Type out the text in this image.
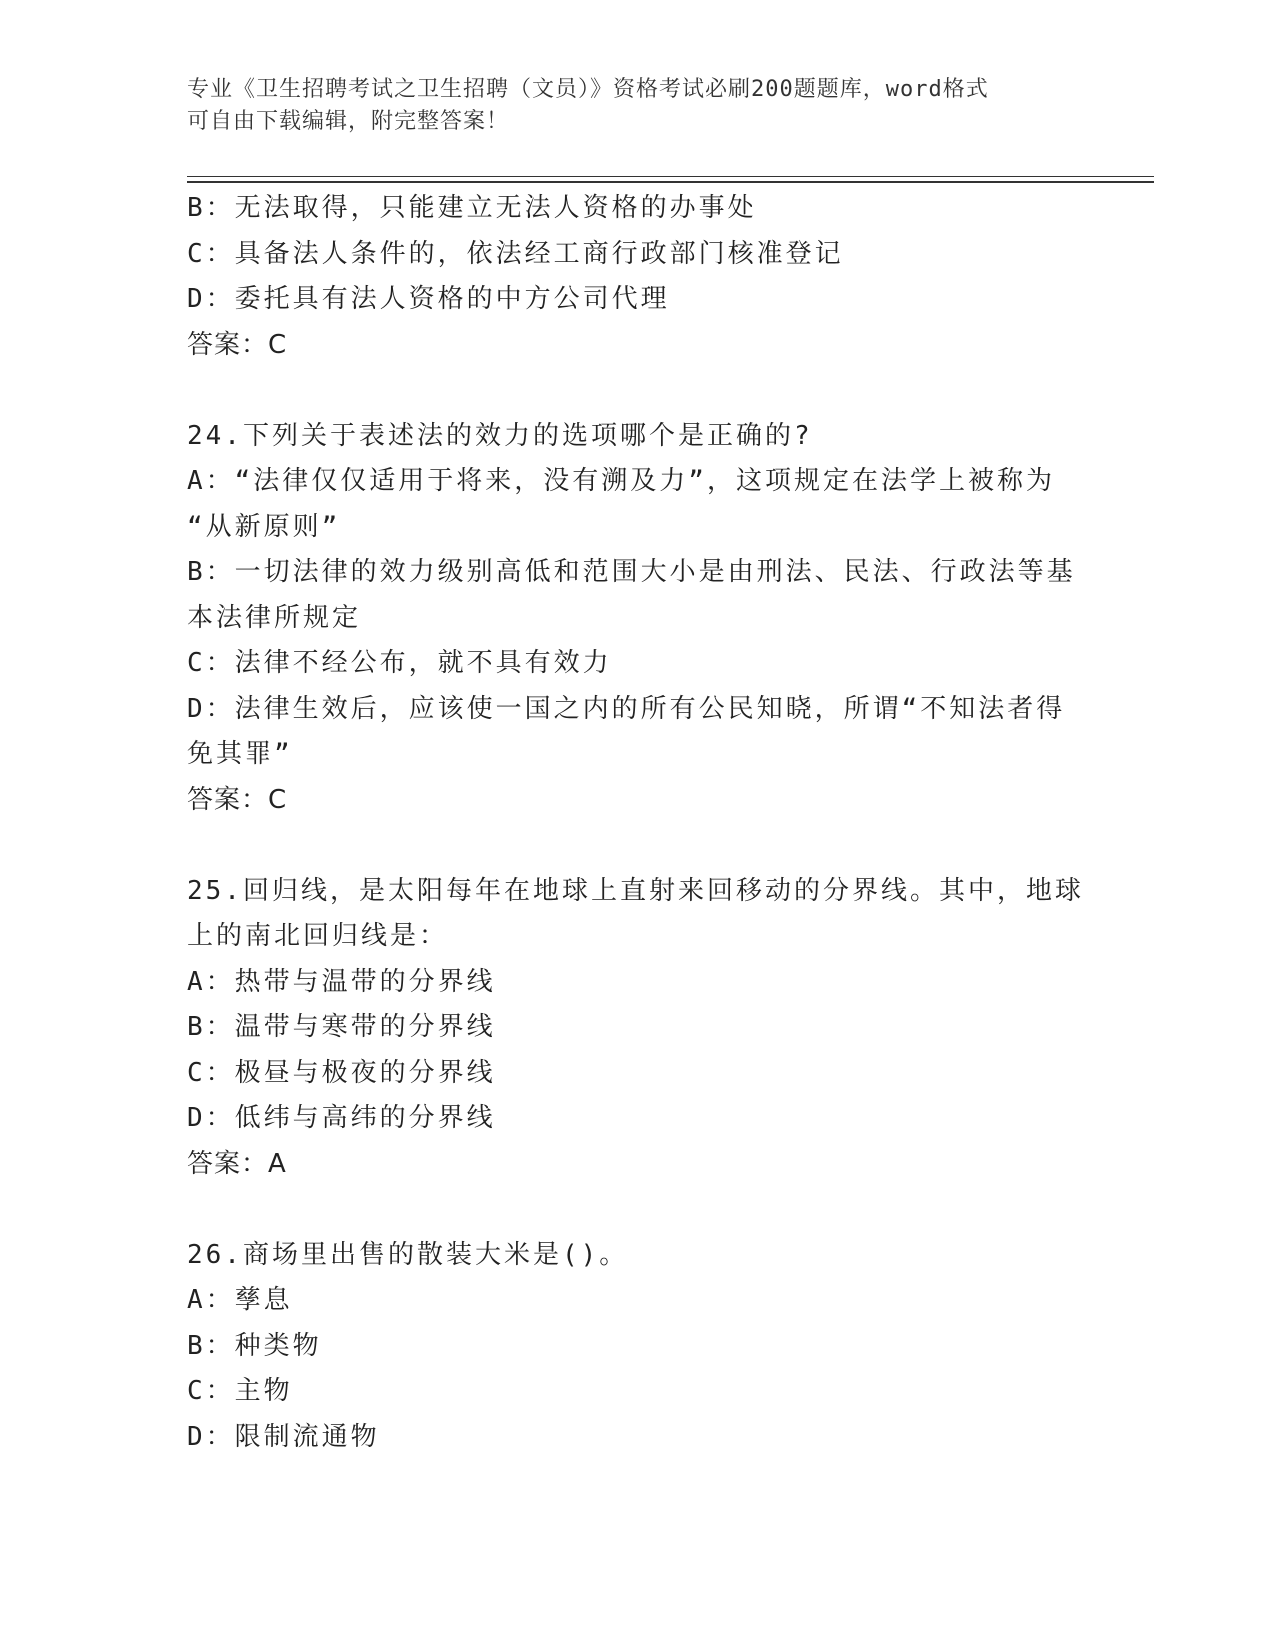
专业《卫生招聘考试之卫生招聘（文员）》资格考试必刷200题题库，word格式
可自由下载编辑，附完整答案！
B：无法取得，只能建立无法人资格的办事处
C：具备法人条件的，依法经工商行政部门核准登记
D：委托具有法人资格的中方公司代理
答案：C
24.下列关于表述法的效力的选项哪个是正确的?
A：“法律仅仅适用于将来，没有溯及力”，这项规定在法学上被称为
“从新原则”
B：一切法律的效力级别高低和范围大小是由刑法、民法、行政法等基
本法律所规定
C：法律不经公布，就不具有效力
D：法律生效后，应该使一国之内的所有公民知晓，所谓“不知法者得
免其罪”
答案：C
25.回归线，是太阳每年在地球上直射来回移动的分界线。其中，地球
上的南北回归线是：
A：热带与温带的分界线
B：温带与寒带的分界线
C：极昼与极夜的分界线
D：低纬与高纬的分界线
答案：A
26.商场里出售的散装大米是()。
A：孳息
B：种类物
C：主物
D：限制流通物
